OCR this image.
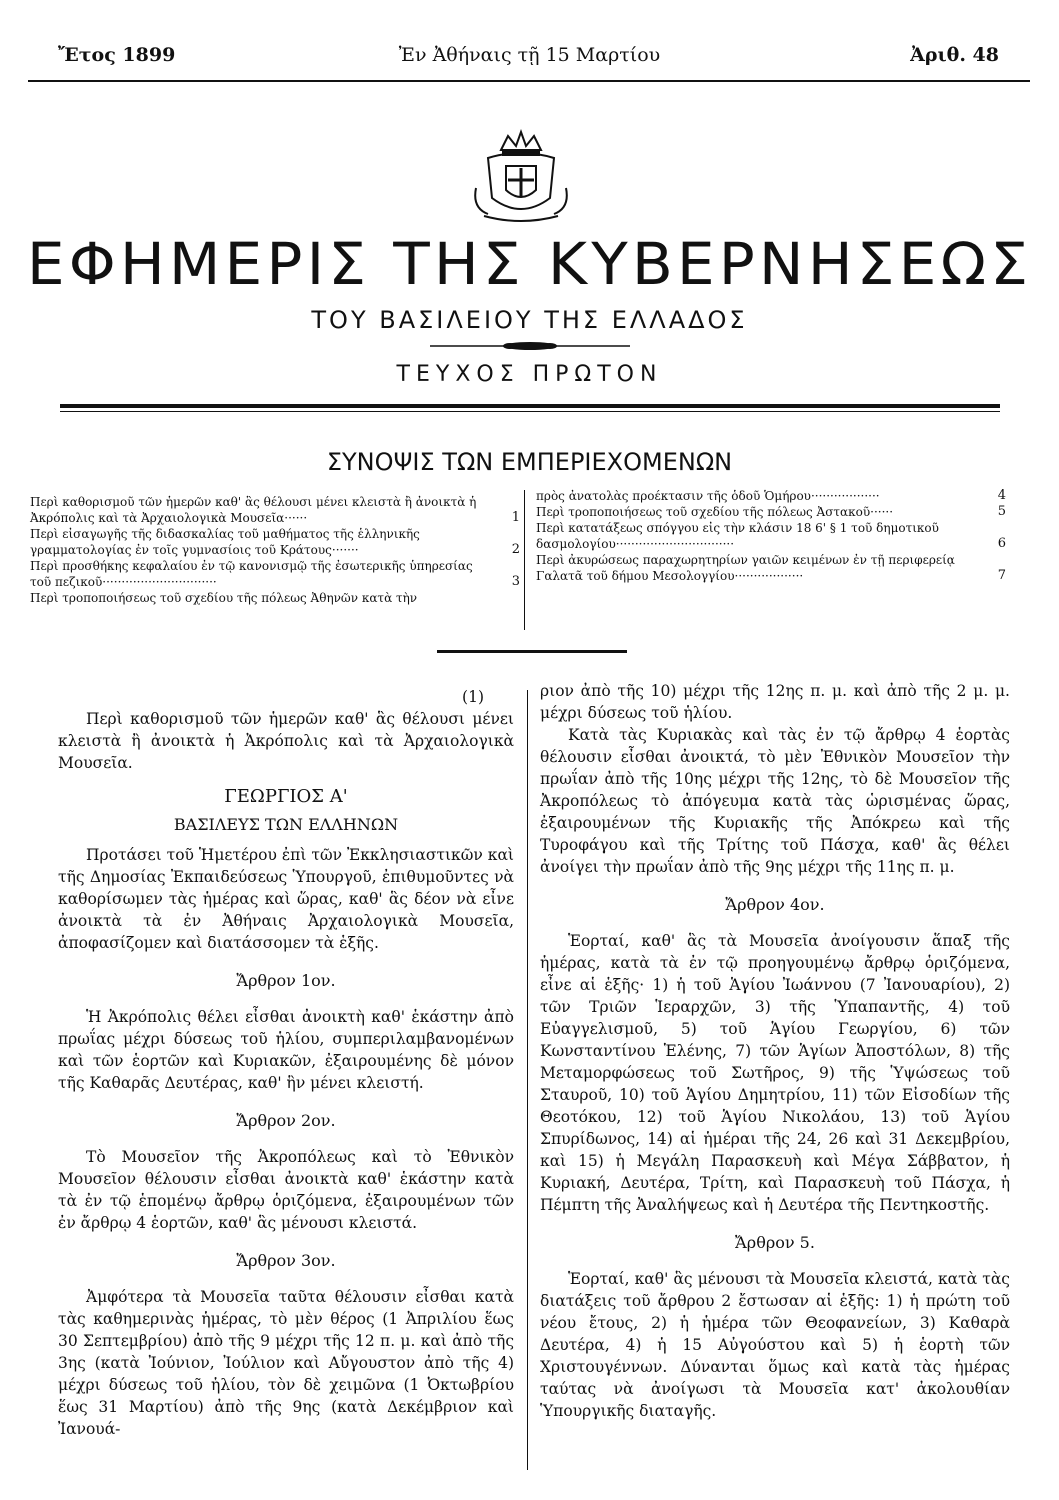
Ἔτος 1899	Ἐν Ἀθήναις τῇ 15 Μαρτίου	Ἀριθ. 48
ΕΦΗΜΕΡΙΣ ΤΗΣ ΚΥΒΕΡΝΗΣΕΩΣ
ΤΟΥ ΒΑΣΙΛΕΙΟΥ ΤΗΣ ΕΛΛΑΔΟΣ
ΤΕΥΧΟΣ ΠΡΩΤΟΝ
ΣΥΝΟΨΙΣ ΤΩΝ ΕΜΠΕΡΙΕΧΟΜΕΝΩΝ
Περὶ καθορισμοῦ τῶν ἡμερῶν καθ' ἃς θέλουσι μένει κλειστὰ ἢ ἀνοικτὰ ἡ Ἀκρόπολις καὶ τὰ Ἀρχαιολογικὰ Μουσεῖα······	1
Περὶ εἰσαγωγῆς τῆς διδασκαλίας τοῦ μαθήματος τῆς ἑλληνικῆς γραμματολογίας ἐν τοῖς γυμνασίοις τοῦ Κράτους·······	2
Περὶ προσθήκης κεφαλαίου ἐν τῷ κανονισμῷ τῆς ἐσωτερικῆς ὑπηρεσίας τοῦ πεζικοῦ······························	3
Περὶ τροποποιήσεως τοῦ σχεδίου τῆς πόλεως Ἀθηνῶν κατὰ τὴν
πρὸς ἀνατολὰς προέκτασιν τῆς ὁδοῦ Ὁμήρου··················	4
Περὶ τροποποιήσεως τοῦ σχεδίου τῆς πόλεως Ἀστακοῦ······	5
Περὶ κατατάξεως σπόγγου εἰς τὴν κλάσιν 18 6' § 1 τοῦ δημοτικοῦ δασμολογίου·······························	6
Περὶ ἀκυρώσεως παραχωρητηρίων γαιῶν κειμένων ἐν τῇ περιφερείᾳ Γαλατᾶ τοῦ δήμου Μεσολογγίου··················	7

(1)

Περὶ καθορισμοῦ τῶν ἡμερῶν καθ' ἃς θέλουσι μένει κλειστὰ ἢ ἀνοικτὰ ἡ Ἀκρόπολις καὶ τὰ Ἀρχαιολογικὰ Μουσεῖα.

ΓΕΩΡΓΙΟΣ Α'

ΒΑΣΙΛΕΥΣ ΤΩΝ ΕΛΛΗΝΩΝ

Προτάσει τοῦ Ἡμετέρου ἐπὶ τῶν Ἐκκλησιαστικῶν καὶ τῆς Δημοσίας Ἐκπαιδεύσεως Ὑπουργοῦ, ἐπιθυμοῦντες νὰ καθορίσωμεν τὰς ἡμέρας καὶ ὥρας, καθ' ἃς δέον νὰ εἶνε ἀνοικτὰ τὰ ἐν Ἀθήναις Ἀρχαιολογικὰ Μουσεῖα, ἀποφασίζομεν καὶ διατάσσομεν τὰ ἑξῆς.

Ἄρθρον 1ον.

Ἡ Ἀκρόπολις θέλει εἶσθαι ἀνοικτὴ καθ' ἑκάστην ἀπὸ πρωΐας μέχρι δύσεως τοῦ ἡλίου, συμπεριλαμβανομένων καὶ τῶν ἑορτῶν καὶ Κυριακῶν, ἐξαιρουμένης δὲ μόνον τῆς Καθαρᾶς Δευτέρας, καθ' ἣν μένει κλειστή.

Ἄρθρον 2ον.

Τὸ Μουσεῖον τῆς Ἀκροπόλεως καὶ τὸ Ἐθνικὸν Μουσεῖον θέλουσιν εἶσθαι ἀνοικτὰ καθ' ἑκάστην κατὰ τὰ ἐν τῷ ἑπομένῳ ἄρθρῳ ὁριζόμενα, ἐξαιρουμένων τῶν ἐν ἄρθρῳ 4 ἑορτῶν, καθ' ἃς μένουσι κλειστά.

Ἄρθρον 3ον.

Ἀμφότερα τὰ Μουσεῖα ταῦτα θέλουσιν εἶσθαι κατὰ τὰς καθημερινὰς ἡμέρας, τὸ μὲν θέρος (1 Ἀπριλίου ἕως 30 Σεπτεμβρίου) ἀπὸ τῆς 9 μέχρι τῆς 12 π. μ. καὶ ἀπὸ τῆς 3ης (κατὰ Ἰούνιον, Ἰούλιον καὶ Αὔγουστον ἀπὸ τῆς 4) μέχρι δύσεως τοῦ ἡλίου, τὸν δὲ χειμῶνα (1 Ὀκτωβρίου ἕως 31 Μαρτίου) ἀπὸ τῆς 9ης (κατὰ Δεκέμβριον καὶ Ἰανουά-

ριον ἀπὸ τῆς 10) μέχρι τῆς 12ης π. μ. καὶ ἀπὸ τῆς 2 μ. μ. μέχρι δύσεως τοῦ ἡλίου.

Κατὰ τὰς Κυριακὰς καὶ τὰς ἐν τῷ ἄρθρῳ 4 ἑορτὰς θέλουσιν εἶσθαι ἀνοικτά, τὸ μὲν Ἐθνικὸν Μουσεῖον τὴν πρωΐαν ἀπὸ τῆς 10ης μέχρι τῆς 12ης, τὸ δὲ Μουσεῖον τῆς Ἀκροπόλεως τὸ ἀπόγευμα κατὰ τὰς ὡρισμένας ὥρας, ἐξαιρουμένων τῆς Κυριακῆς τῆς Ἀπόκρεω καὶ τῆς Τυροφάγου καὶ τῆς Τρίτης τοῦ Πάσχα, καθ' ἃς θέλει ἀνοίγει τὴν πρωΐαν ἀπὸ τῆς 9ης μέχρι τῆς 11ης π. μ.

Ἄρθρον 4ον.

Ἑορταί, καθ' ἃς τὰ Μουσεῖα ἀνοίγουσιν ἅπαξ τῆς ἡμέρας, κατὰ τὰ ἐν τῷ προηγουμένῳ ἄρθρῳ ὁριζόμενα, εἶνε αἱ ἑξῆς· 1) ἡ τοῦ Ἁγίου Ἰωάννου (7 Ἰανουαρίου), 2) τῶν Τριῶν Ἱεραρχῶν, 3) τῆς Ὑπαπαντῆς, 4) τοῦ Εὐαγγελισμοῦ, 5) τοῦ Ἁγίου Γεωργίου, 6) τῶν Κωνσταντίνου Ἑλένης, 7) τῶν Ἁγίων Ἀποστόλων, 8) τῆς Μεταμορφώσεως τοῦ Σωτῆρος, 9) τῆς Ὑψώσεως τοῦ Σταυροῦ, 10) τοῦ Ἁγίου Δημητρίου, 11) τῶν Εἰσοδίων τῆς Θεοτόκου, 12) τοῦ Ἁγίου Νικολάου, 13) τοῦ Ἁγίου Σπυρίδωνος, 14) αἱ ἡμέραι τῆς 24, 26 καὶ 31 Δεκεμβρίου, καὶ 15) ἡ Μεγάλη Παρασκευὴ καὶ Μέγα Σάββατον, ἡ Κυριακή, Δευτέρα, Τρίτη, καὶ Παρασκευὴ τοῦ Πάσχα, ἡ Πέμπτη τῆς Ἀναλήψεως καὶ ἡ Δευτέρα τῆς Πεντηκοστῆς.

Ἄρθρον 5.

Ἑορταί, καθ' ἃς μένουσι τὰ Μουσεῖα κλειστά, κατὰ τὰς διατάξεις τοῦ ἄρθρου 2 ἔστωσαν αἱ ἑξῆς: 1) ἡ πρώτη τοῦ νέου ἔτους, 2) ἡ ἡμέρα τῶν Θεοφανείων, 3) Καθαρὰ Δευτέρα, 4) ἡ 15 Αὐγούστου καὶ 5) ἡ ἑορτὴ τῶν Χριστουγέννων. Δύνανται ὅμως καὶ κατὰ τὰς ἡμέρας ταύτας νὰ ἀνοίγωσι τὰ Μουσεῖα κατ' ἀκολουθίαν Ὑπουργικῆς διαταγῆς.
